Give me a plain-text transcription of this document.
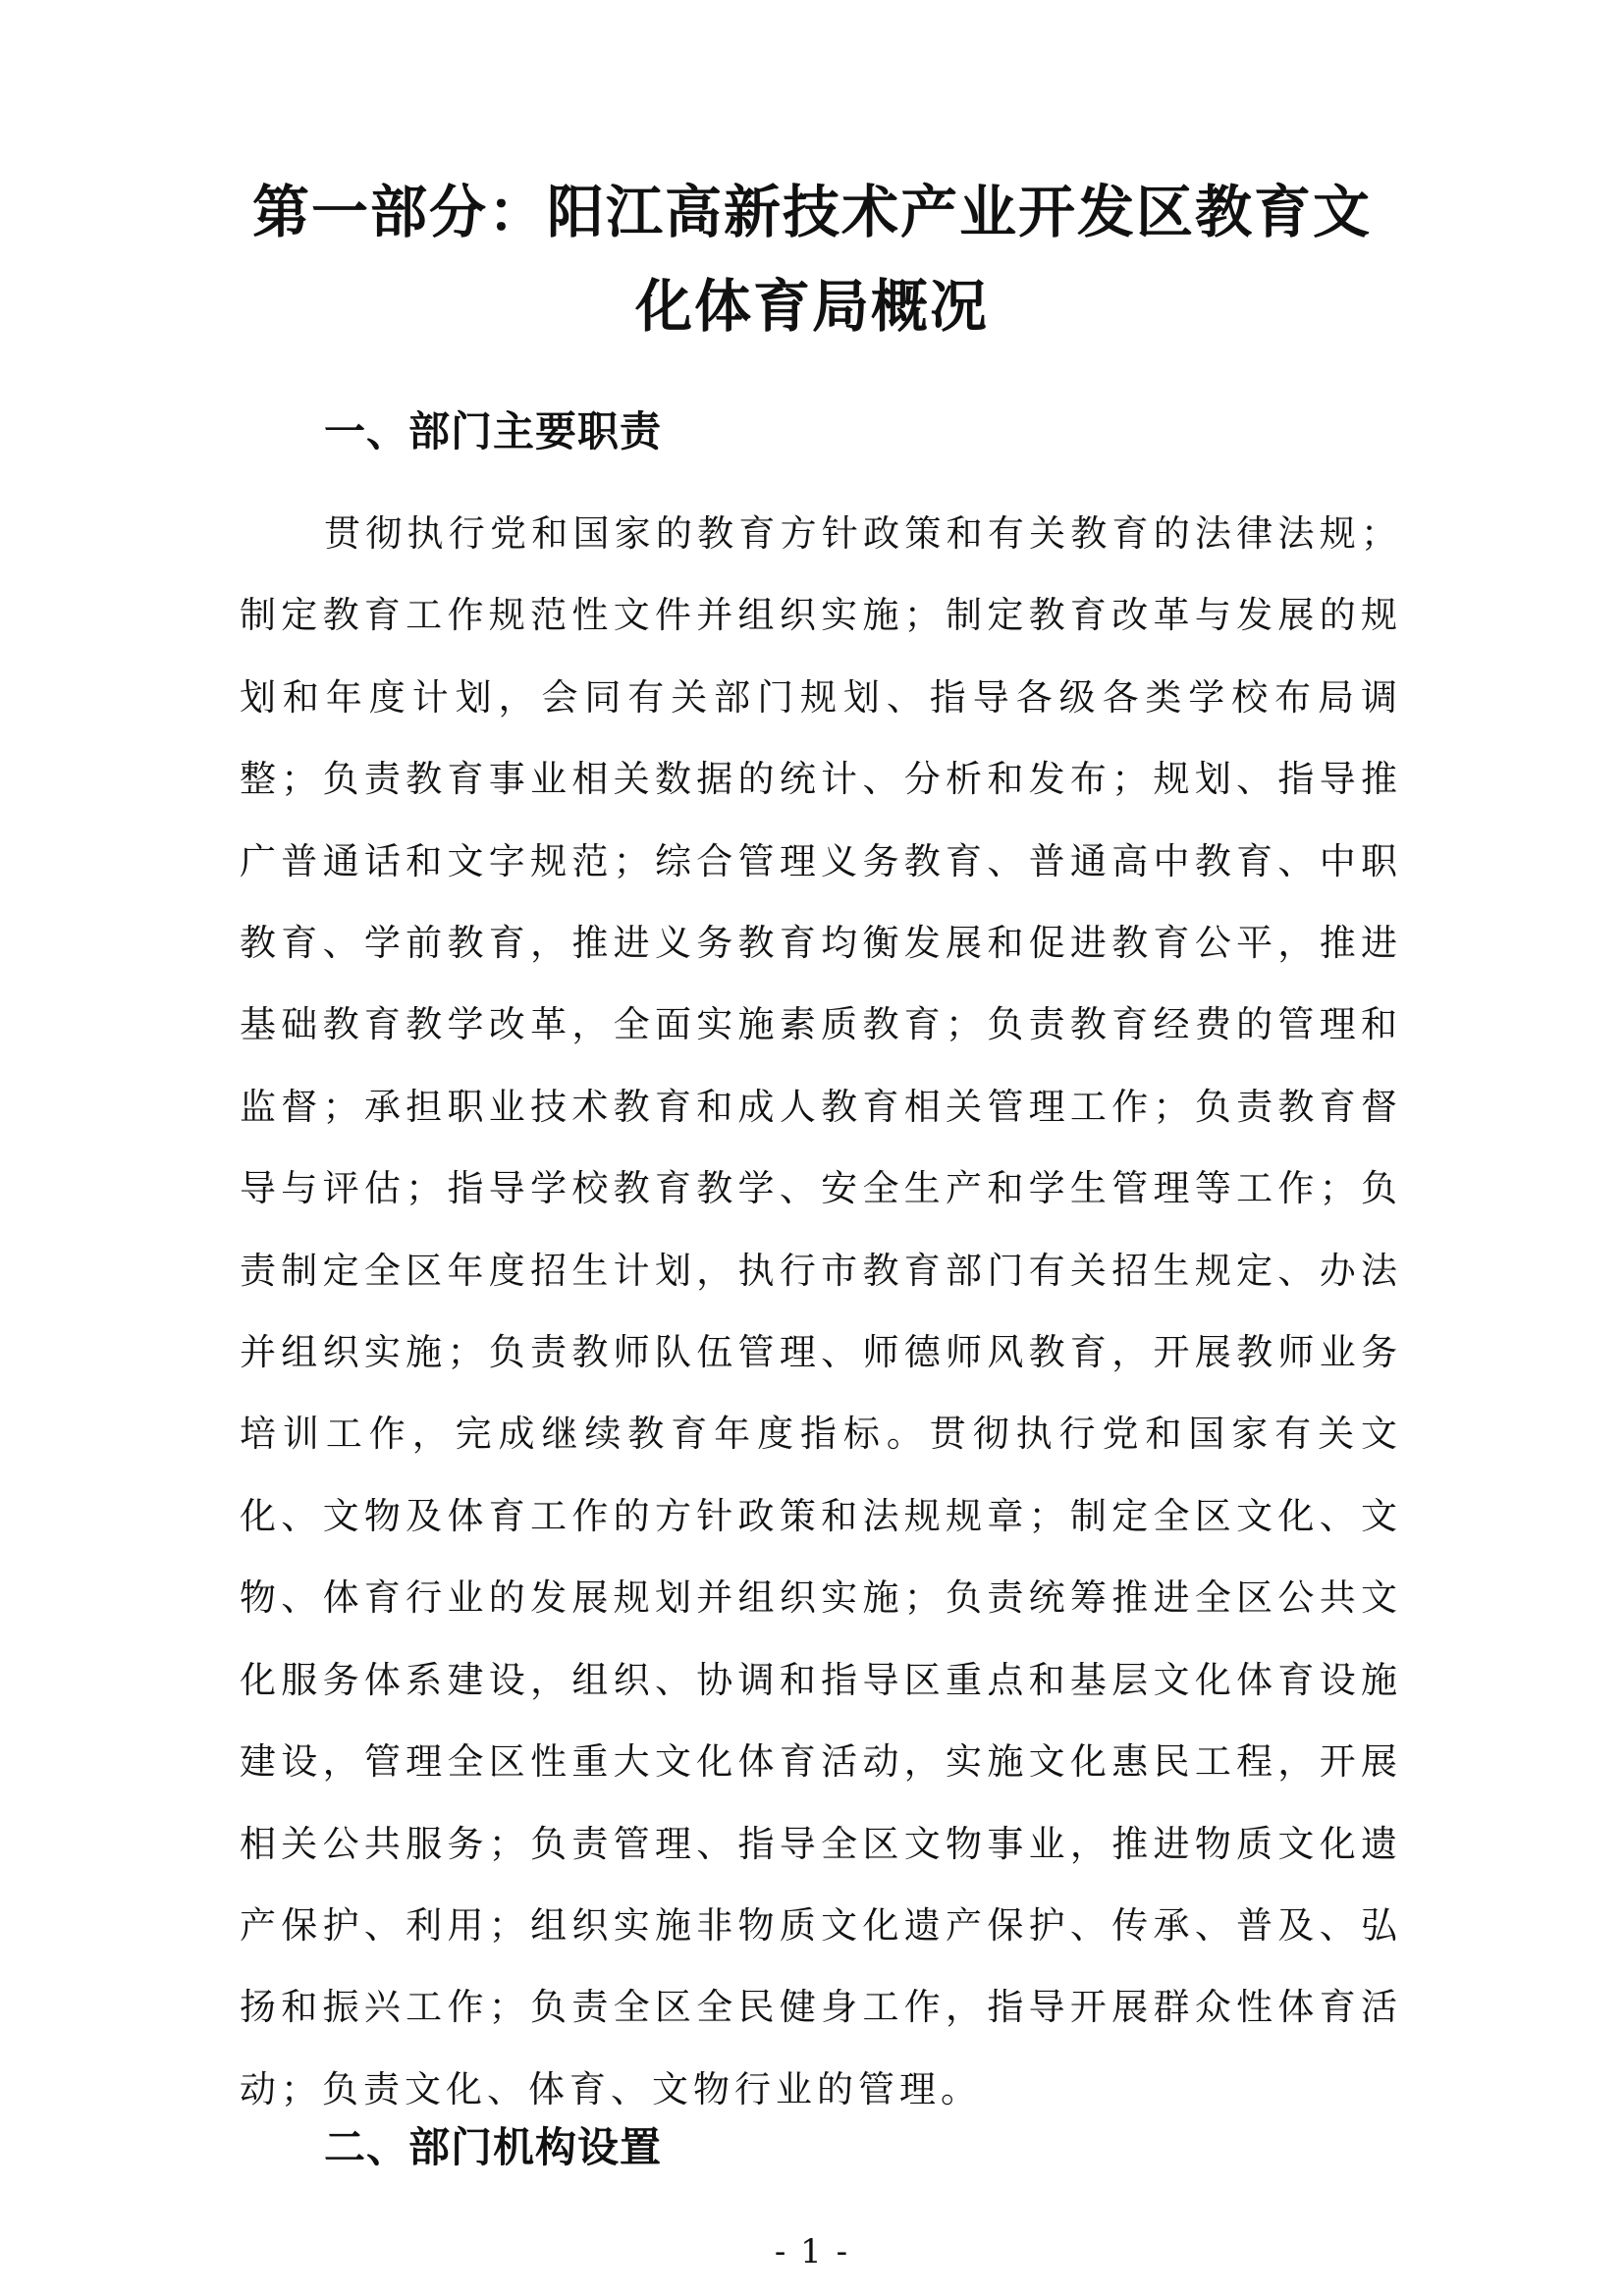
第一部分：阳江高新技术产业开发区教育文
化体育局概况
一、部门主要职责

贯彻执行党和国家的教育方针政策和有关教育的法律法规；制定教育工作规范性文件并组织实施；制定教育改革与发展的规划和年度计划，会同有关部门规划、指导各级各类学校布局调整；负责教育事业相关数据的统计、分析和发布；规划、指导推广普通话和文字规范；综合管理义务教育、普通高中教育、中职教育、学前教育，推进义务教育均衡发展和促进教育公平，推进基础教育教学改革，全面实施素质教育；负责教育经费的管理和监督；承担职业技术教育和成人教育相关管理工作；负责教育督导与评估；指导学校教育教学、安全生产和学生管理等工作；负责制定全区年度招生计划，执行市教育部门有关招生规定、办法并组织实施；负责教师队伍管理、师德师风教育，开展教师业务培训工作，完成继续教育年度指标。贯彻执行党和国家有关文化、文物及体育工作的方针政策和法规规章；制定全区文化、文物、体育行业的发展规划并组织实施；负责统筹推进全区公共文化服务体系建设，组织、协调和指导区重点和基层文化体育设施建设，管理全区性重大文化体育活动，实施文化惠民工程，开展相关公共服务；负责管理、指导全区文物事业，推进物质文化遗产保护、利用；组织实施非物质文化遗产保护、传承、普及、弘扬和振兴工作；负责全区全民健身工作，指导开展群众性体育活动；负责文化、体育、文物行业的管理。

二、部门机构设置
- 1 -
